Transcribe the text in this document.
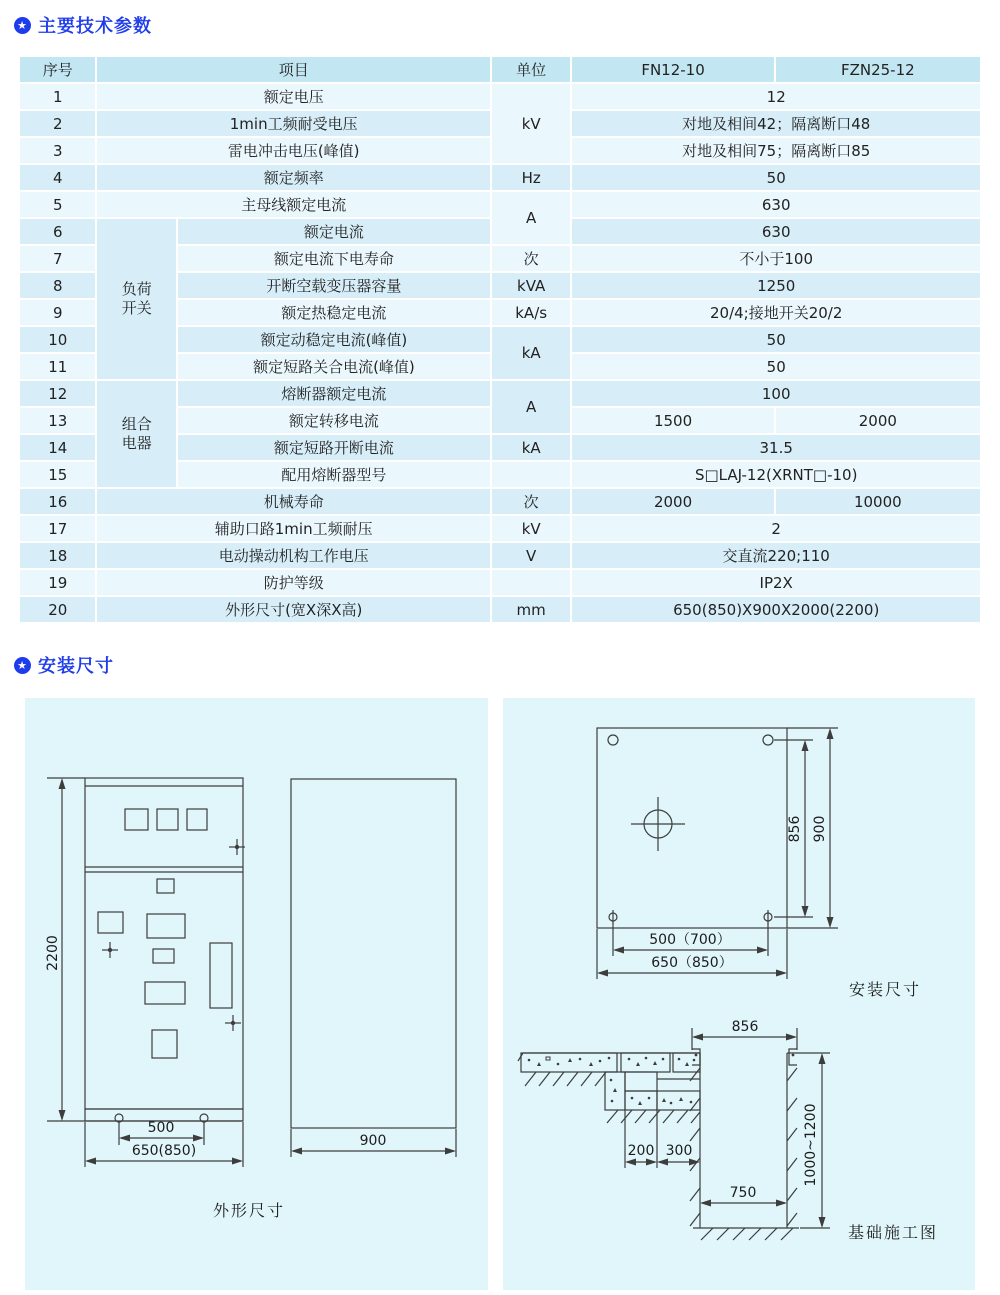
★ 主要技术参数
序号	项目		单位	FN12-10	FZN25-12
1	额定电压		kV	12	
2	1min工频耐受电压			对地及相间42；隔离断口48	
3	雷电冲击电压(峰值)			对地及相间75；隔离断口85	
4	额定频率		Hz	50	
5	主母线额定电流		A	630	
6	负荷开关	额定电流		630	
7		额定电流下电寿命	次	不小于100	
8		开断空载变压器容量	kVA	1250	
9		额定热稳定电流	kA/s	20/4;接地开关20/2	
10		额定动稳定电流(峰值)	kA	50	
11		额定短路关合电流(峰值)		50	
12	组合电器	熔断器额定电流	A	100	
13		额定转移电流		1500	2000
14		额定短路开断电流	kA	31.5	
15		配用熔断器型号		S□LAJ-12(XRNT□-10)	
16	机械寿命		次	2000	10000
17	辅助口路1min工频耐压		kV	2	
18	电动操动机构工作电压		V	交直流220;110	
19	防护等级			IP2X	
20	外形尺寸(宽X深X高)		mm	650(850)X900X2000(2200)	
★ 安装尺寸
2200
500
650(850)
900
外形尺寸
856 900
500（700）
650（850）
安装尺寸
856
200 300
750
1000~1200
基础施工图
